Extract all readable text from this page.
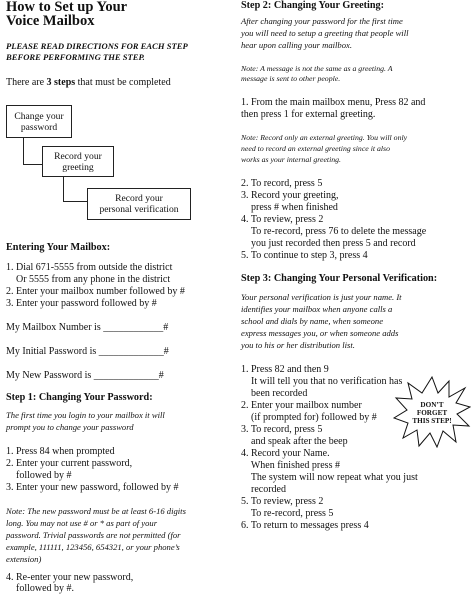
How to Set up Your
Voice Mailbox
PLEASE READ DIRECTIONS FOR EACH STEP
BEFORE PERFORMING THE STEP.
There are 3 steps that must be completed
Change your
password
Record your
greeting
Record your
personal verification
Entering Your Mailbox:
1. Dial 671-5555 from outside the district
Or 5555 from any phone in the district
2. Enter your mailbox number followed by #
3. Enter your password followed by #
My Mailbox Number is ____________#
My Initial Password is _____________#
My New Password is _____________#
Step 1: Changing Your Password:
The first time you login to your mailbox it will
prompt you to change your password
1. Press 84 when prompted
2. Enter your current password,
followed by #
3. Enter your new password, followed by #
Note: The new password must be at least 6-16 digits
long. You may not use # or * as part of your
password. Trivial passwords are not permitted (for
example, 111111, 123456, 654321, or your phone’s
extension)
4. Re-enter your new password,
followed by #.
Step 2: Changing Your Greeting:
After changing your password for the first time
you will need to setup a greeting that people will
hear upon calling your mailbox.
Note: A message is not the same as a greeting. A
message is sent to other people.
1. From the main mailbox menu, Press 82 and
then press 1 for external greeting.
Note: Record only an external greeting. You will only
need to record an external greeting since it also
works as your internal greeting.
2. To record, press 5
3. Record your greeting,
press # when finished
4. To review, press 2
To re-record, press 76 to delete the message
you just recorded then press 5 and record
5. To continue to step 3, press 4
Step 3: Changing Your Personal Verification:
Your personal verification is just your name. It
identifies your mailbox when anyone calls a
school and dials by name, when someone
express messages you, or when someone adds
you to his or her distribution list.
1. Press 82 and then 9
It will tell you that no verification has
been recorded
2. Enter your mailbox number
(if prompted for) followed by #
3. To record, press 5
and speak after the beep
4. Record your Name.
When finished press #
The system will now repeat what you just
recorded
5. To review, press 2
To re-record, press 5
6. To return to messages press 4
DON’T
FORGET
THIS STEP!
